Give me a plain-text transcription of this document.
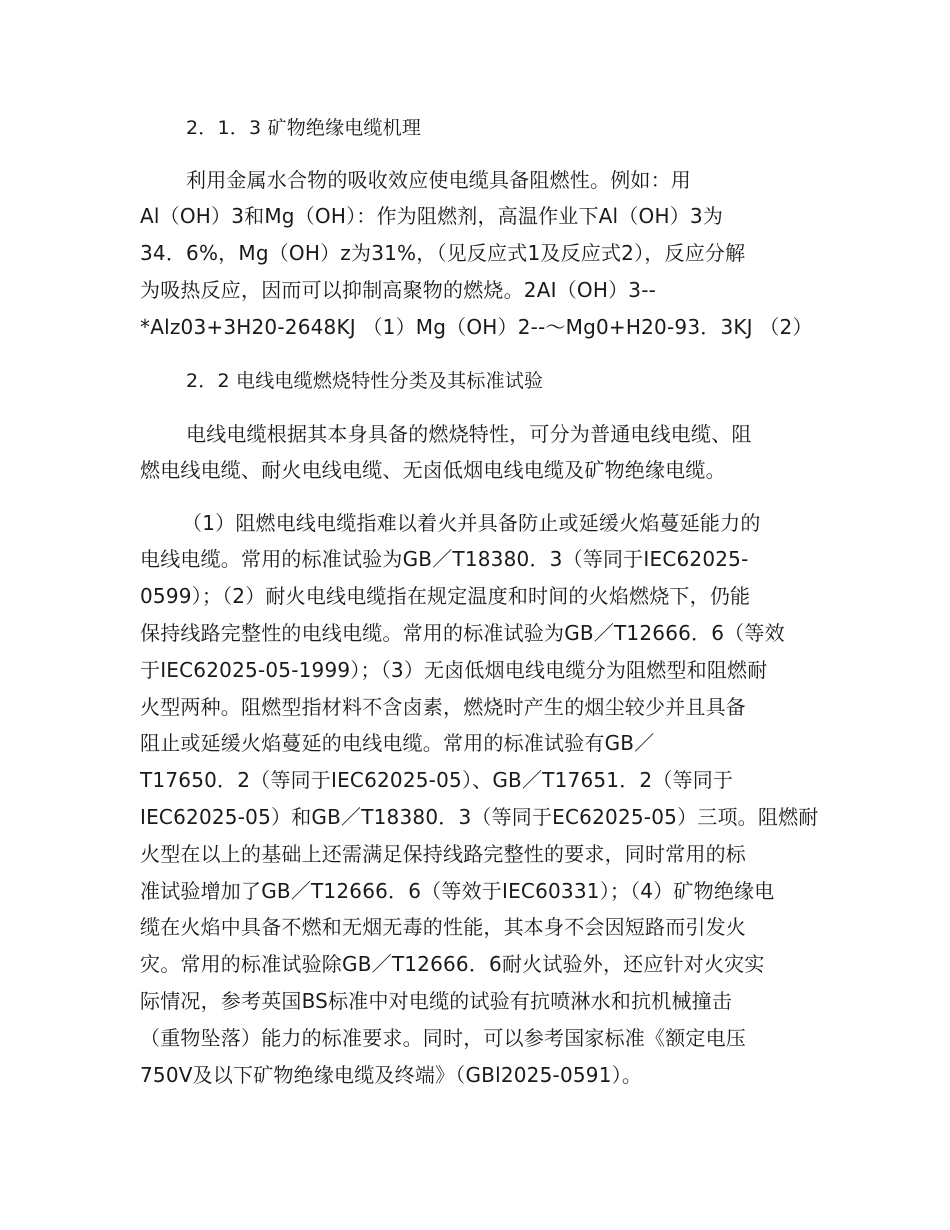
2．1．3 矿物绝缘电缆机理
利用金属水合物的吸收效应使电缆具备阻燃性。例如：用
Al（OH）3和Mg（OH）：作为阻燃剂，高温作业下Al（OH）3为
34．6%，Mg（OH）z为31%，（见反应式1及反应式2），反应分解
为吸热反应，因而可以抑制高聚物的燃烧。2AI（OH）3--
*Alz03+3H20-2648KJ （1）Mg（OH）2--～Mg0+H20-93．3KJ （2）
2．2 电线电缆燃烧特性分类及其标准试验
电线电缆根据其本身具备的燃烧特性，可分为普通电线电缆、阻
燃电线电缆、耐火电线电缆、无卤低烟电线电缆及矿物绝缘电缆。
（1）阻燃电线电缆指难以着火并具备防止或延缓火焰蔓延能力的
电线电缆。常用的标准试验为GB／T18380．3（等同于IEC62025-
0599）；（2）耐火电线电缆指在规定温度和时间的火焰燃烧下，仍能
保持线路完整性的电线电缆。常用的标准试验为GB／T12666．6（等效
于IEC62025-05-1999）；（3）无卤低烟电线电缆分为阻燃型和阻燃耐
火型两种。阻燃型指材料不含卤素，燃烧时产生的烟尘较少并且具备
阻止或延缓火焰蔓延的电线电缆。常用的标准试验有GB／
T17650．2（等同于IEC62025-05）、GB／T17651．2（等同于
IEC62025-05）和GB／T18380．3（等同于EC62025-05）三项。阻燃耐
火型在以上的基础上还需满足保持线路完整性的要求，同时常用的标
准试验增加了GB／T12666．6（等效于IEC60331）；（4）矿物绝缘电
缆在火焰中具备不燃和无烟无毒的性能，其本身不会因短路而引发火
灾。常用的标准试验除GB／T12666．6耐火试验外，还应针对火灾实
际情况，参考英国BS标准中对电缆的试验有抗喷淋水和抗机械撞击
（重物坠落）能力的标准要求。同时，可以参考国家标准《额定电压
750V及以下矿物绝缘电缆及终端》（GBl2025-0591）。
